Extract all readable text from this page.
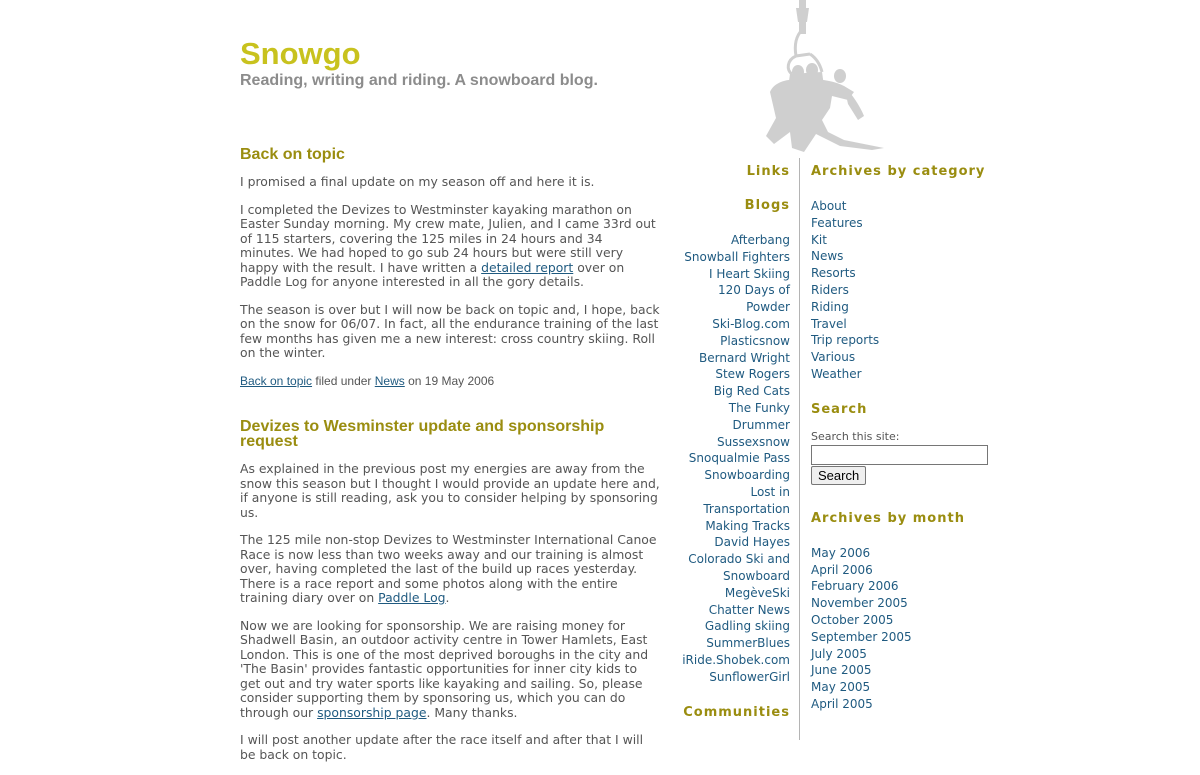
Snowgo
Reading, writing and riding. A snowboard blog.
Back on topic

I promised a final update on my season off and here it is.

I completed the Devizes to Westminster kayaking marathon on Easter Sunday morning. My crew mate, Julien, and I came 33rd out of 115 starters, covering the 125 miles in 24 hours and 34 minutes. We had hoped to go sub 24 hours but were still very happy with the result. I have written a detailed report over on Paddle Log for anyone interested in all the gory details.

The season is over but I will now be back on topic and, I hope, back on the snow for 06/07. In fact, all the endurance training of the last few months has given me a new interest: cross country skiing. Roll on the winter.

Back on topic filed under News on 19 May 2006
Devizes to Wesminster update and sponsorship request

As explained in the previous post my energies are away from the snow this season but I thought I would provide an update here and, if anyone is still reading, ask you to consider helping by sponsoring us.

The 125 mile non-stop Devizes to Westminster International Canoe Race is now less than two weeks away and our training is almost over, having completed the last of the build up races yesterday. There is a race report and some photos along with the entire training diary over on Paddle Log.

Now we are looking for sponsorship. We are raising money for Shadwell Basin, an outdoor activity centre in Tower Hamlets, East London. This is one of the most deprived boroughs in the city and 'The Basin' provides fantastic opportunities for inner city kids to get out and try water sports like kayaking and sailing. So, please consider supporting them by sponsoring us, which you can do through our sponsorship page. Many thanks.

I will post another update after the race itself and after that I will be back on topic.

Links
Blogs
Afterbang
Snowball Fighters
I Heart Skiing
120 Days of Powder
Ski-Blog.com
Plasticsnow
Bernard Wright
Stew Rogers
Big Red Cats
The Funky Drummer
Sussexsnow
Snoqualmie Pass Snowboarding
Lost in Transportation
Making Tracks
David Hayes
Colorado Ski and Snowboard
MegèveSki
Chatter News
Gadling skiing
SummerBlues
iRide.Shobek.com
SunflowerGirl
Communities
Archives by category
About
Features
Kit
News
Resorts
Riders
Riding
Travel
Trip reports
Various
Weather
Search
Search this site:
Search
Archives by month
May 2006
April 2006
February 2006
November 2005
October 2005
September 2005
July 2005
June 2005
May 2005
April 2005
